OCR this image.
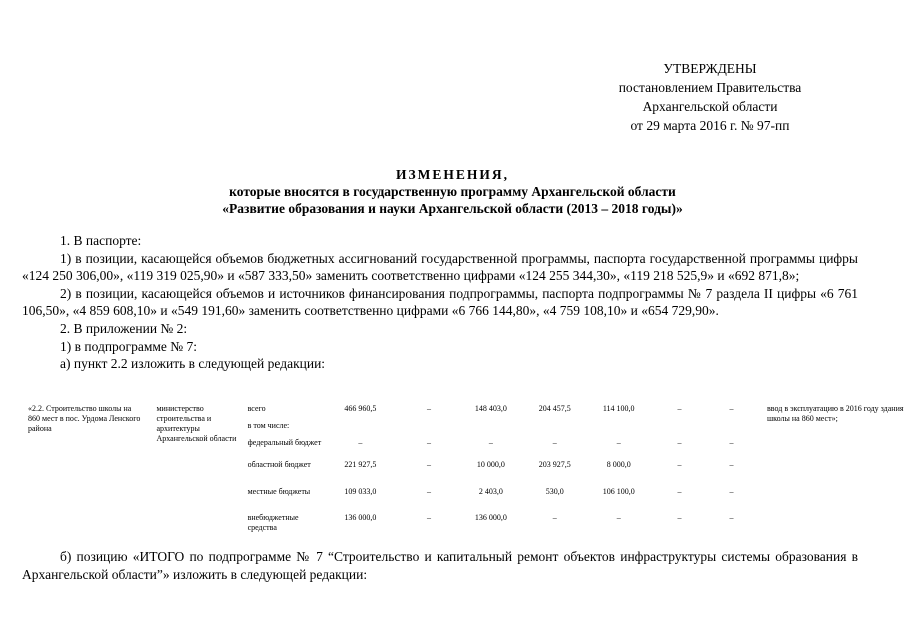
УТВЕРЖДЕНЫ
постановлением Правительства
Архангельской области
от 29 марта 2016 г. № 97-пп
ИЗМЕНЕНИЯ,
которые вносятся в государственную программу Архангельской области
«Развитие образования и науки Архангельской области (2013 – 2018 годы)»

1. В паспорте:

1) в позиции, касающейся объемов бюджетных ассигнований государственной программы, паспорта государственной программы цифры «124 250 306,00», «119 319 025,90» и «587 333,50» заменить соответственно цифрами «124 255 344,30», «119 218 525,9» и «692 871,8»;

2) в позиции, касающейся объемов и источников финансирования подпрограммы, паспорта подпрограммы № 7 раздела II цифры «6 761 106,50», «4 859 608,10» и «549 191,60» заменить соответственно цифрами «6 766 144,80», «4 759 108,10» и «654 729,90».

2. В приложении № 2:

1) в подпрограмме № 7:

а) пункт 2.2 изложить в следующей редакции:

«2.2. Строительство школы на 860 мест в пос. Урдома Ленского района	министерство строительства и архитектуры Архангельской области	всего	466 960,5	–	148 403,0	204 457,5	114 100,0	–	–	ввод в эксплуатацию в 2016 году здания школы на 860 мест»;
		в том числе:								
		федеральный бюджет	–	–	–	–	–	–	–	
		областной бюджет	221 927,5	–	10 000,0	203 927,5	8 000,0	–	–	
		местные бюджеты	109 033,0	–	2 403,0	530,0	106 100,0	–	–	
		внебюджетные средства	136 000,0	–	136 000,0	–	–	–	–	

б) позицию «ИТОГО по подпрограмме № 7 “Строительство и капитальный ремонт объектов инфраструктуры системы образования в Архангельской области”» изложить в следующей редакции:
